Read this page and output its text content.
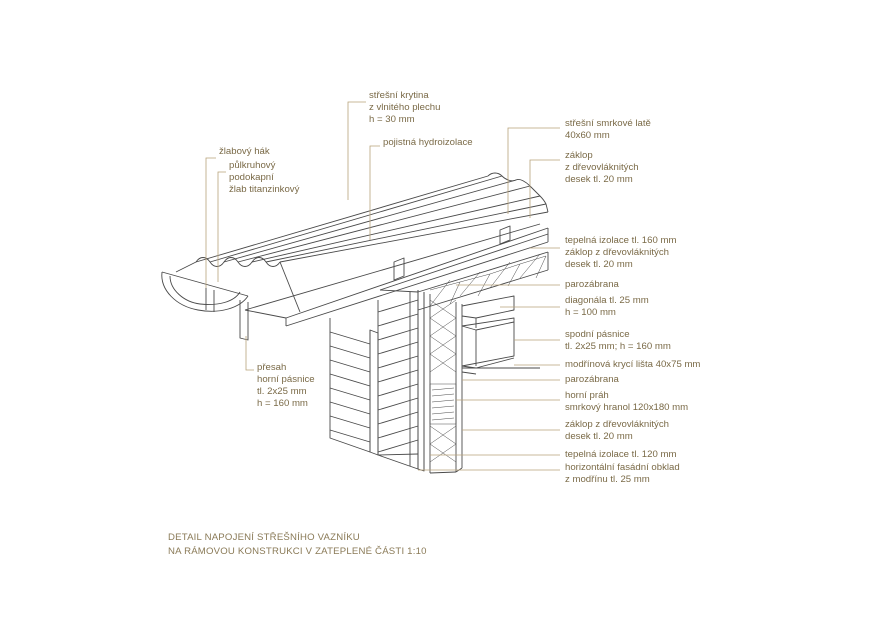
žlabový hák
půlkruhový
podokapní
žlab titanzinkový
přesah
horní pásnice
tl. 2x25 mm
h = 160 mm
střešní krytina
z vlnitého plechu
h = 30 mm
pojistná hydroizolace
střešní smrkové latě
40x60 mm
záklop
z dřevovláknitých
desek tl. 20 mm
tepelná izolace tl. 160 mm
záklop z dřevovláknitých
desek tl. 20 mm
parozábrana
diagonála tl. 25 mm
h = 100 mm
spodní pásnice
tl. 2x25 mm; h = 160 mm
modřínová krycí lišta 40x75 mm
parozábrana
horní práh
smrkový hranol 120x180 mm
záklop z dřevovláknitých
desek tl. 20 mm
tepelná izolace tl. 120 mm
horizontální fasádní obklad
z modřínu tl. 25 mm
DETAIL NAPOJENÍ STŘEŠNÍHO VAZNÍKU
NA RÁMOVOU KONSTRUKCI V ZATEPLENÉ ČÁSTI 1:10
